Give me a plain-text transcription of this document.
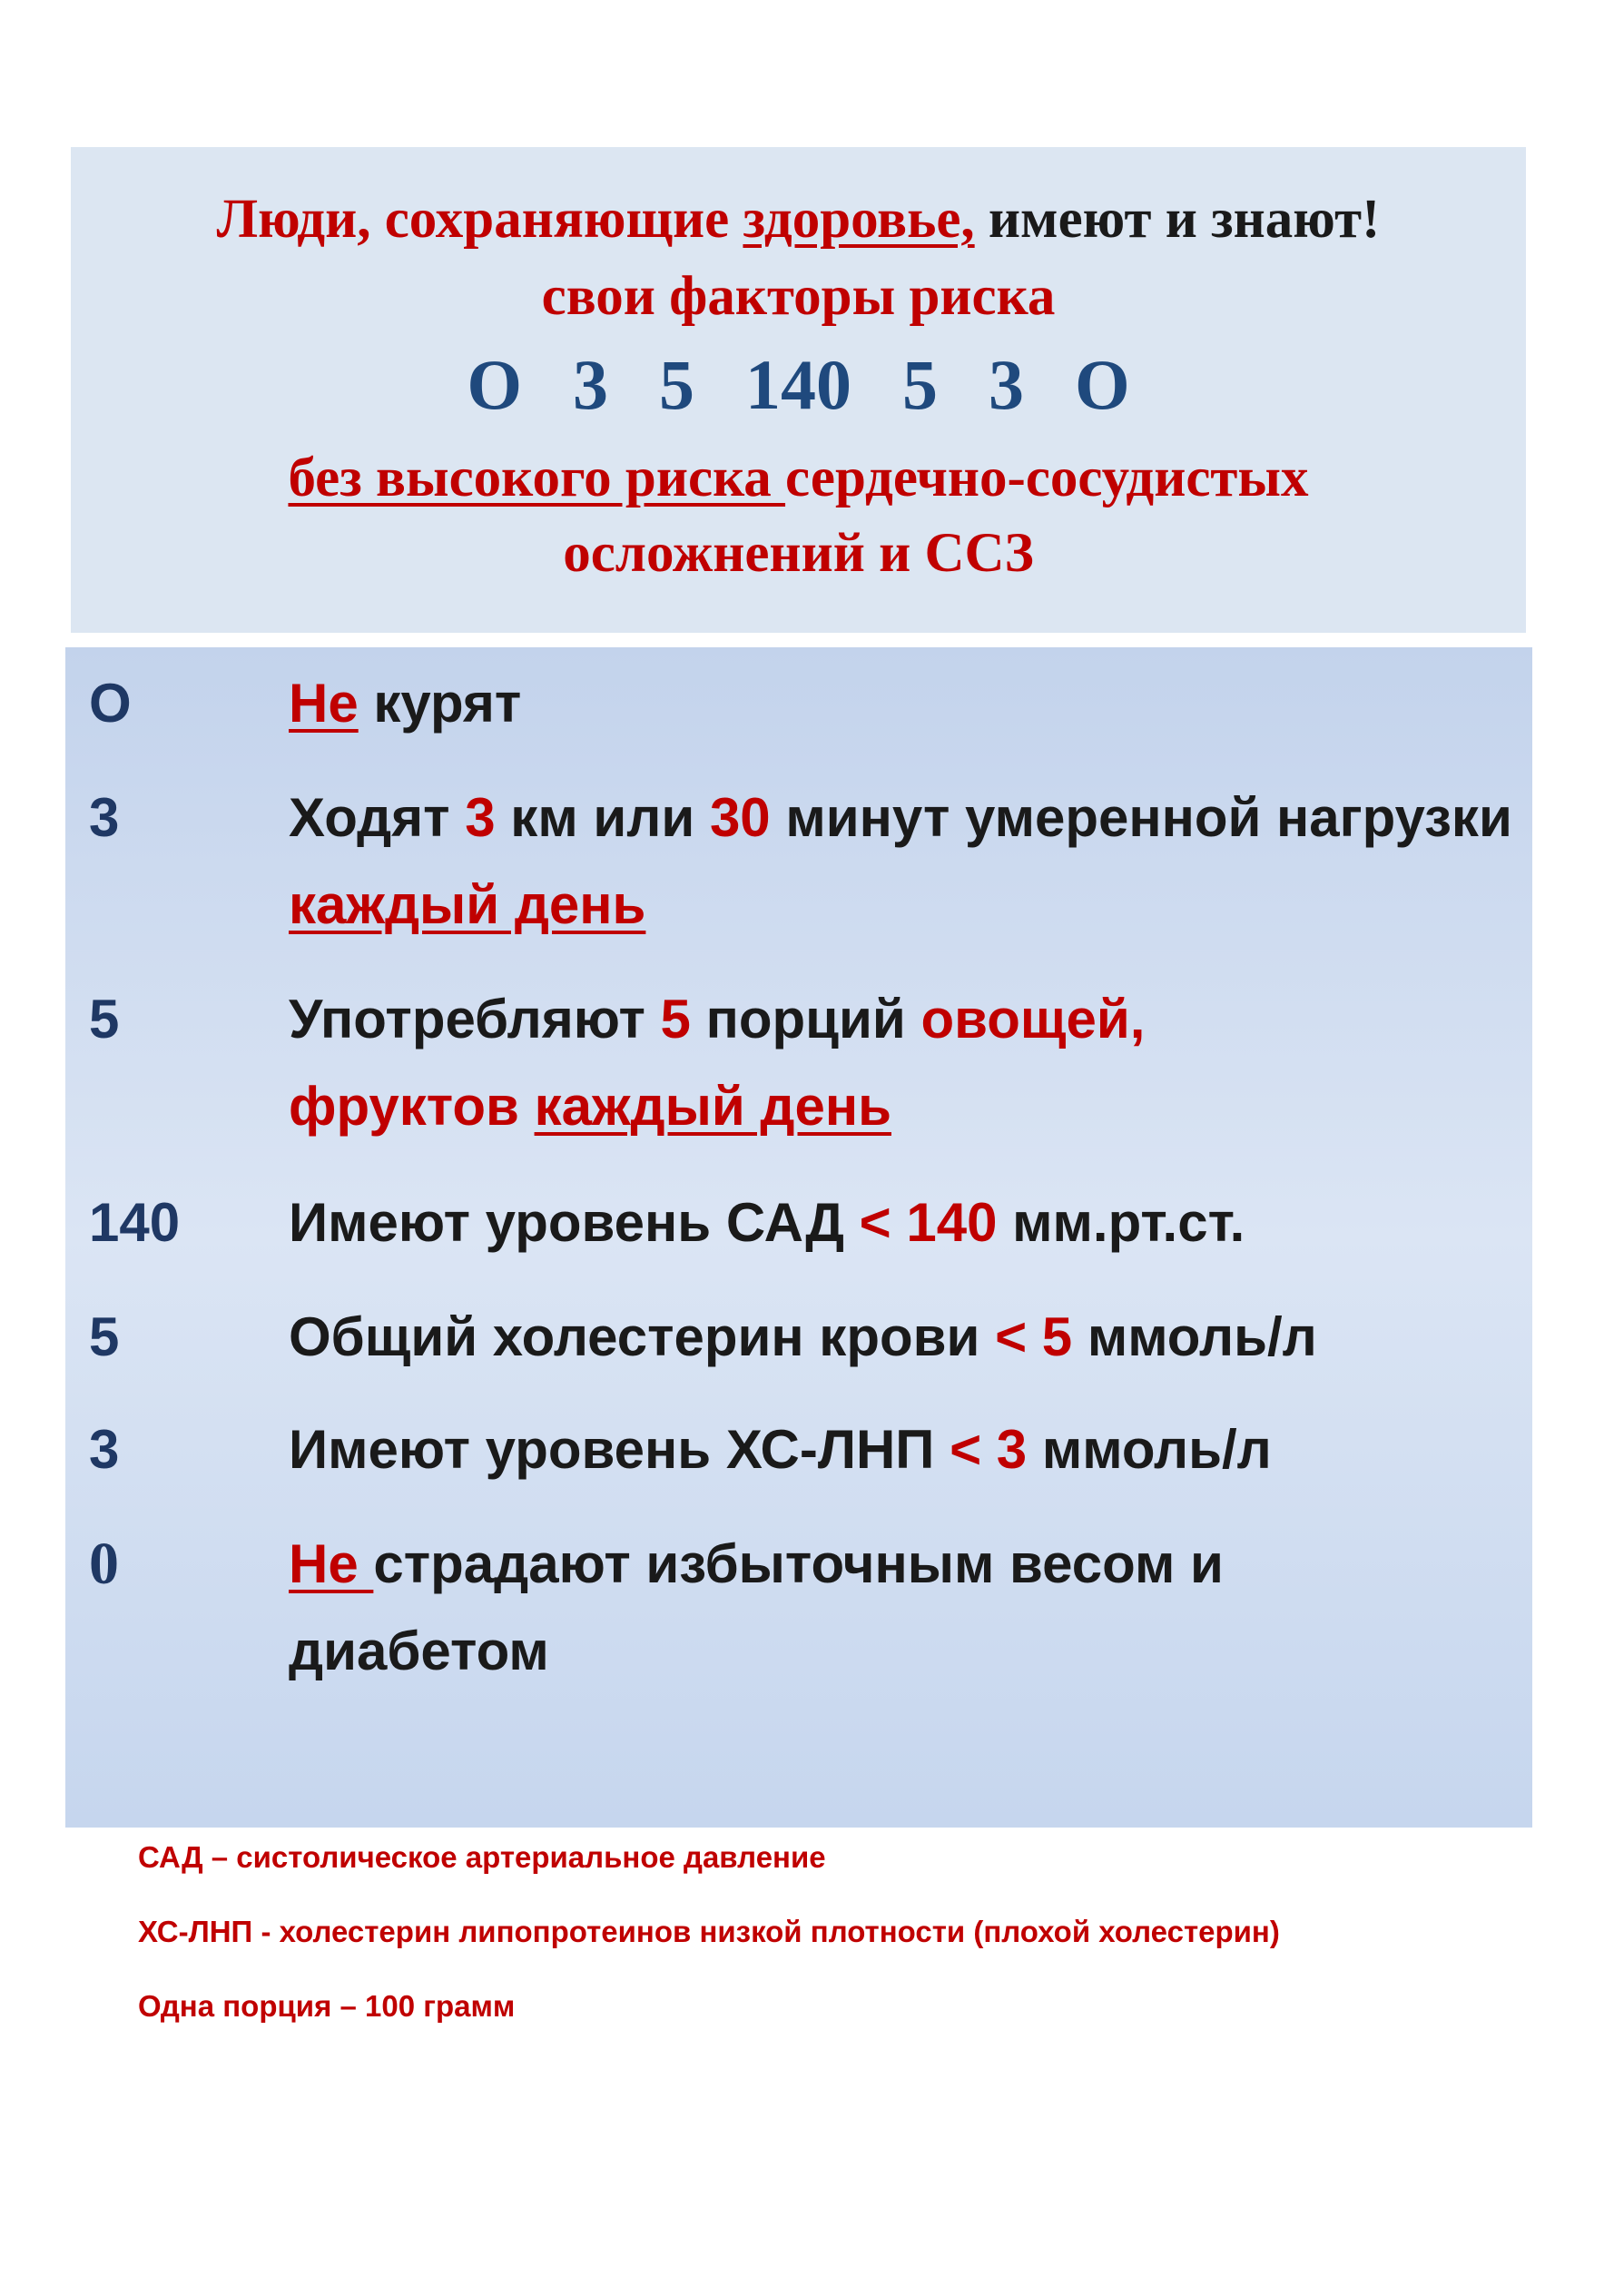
Люди, сохраняющие здоровье, имеют и знают!
свои факторы риска
О 3 5 140 5 3 О
без высокого риска сердечно-сосудистых
осложнений и ССЗ
О	Не курят
3	Ходят 3 км или 30 минут умеренной нагрузки каждый день
5	Употребляют 5 порций овощей, фруктов каждый день
140 Имеют уровень САД < 140 мм.рт.ст.
5	Общий холестерин крови < 5 ммоль/л
3	Имеют уровень ХС-ЛНП < 3 ммоль/л
0	Не страдают избыточным весом и диабетом
САД – систолическое артериальное давление
ХС-ЛНП - холестерин липопротеинов низкой плотности (плохой холестерин)
Одна порция – 100 грамм
